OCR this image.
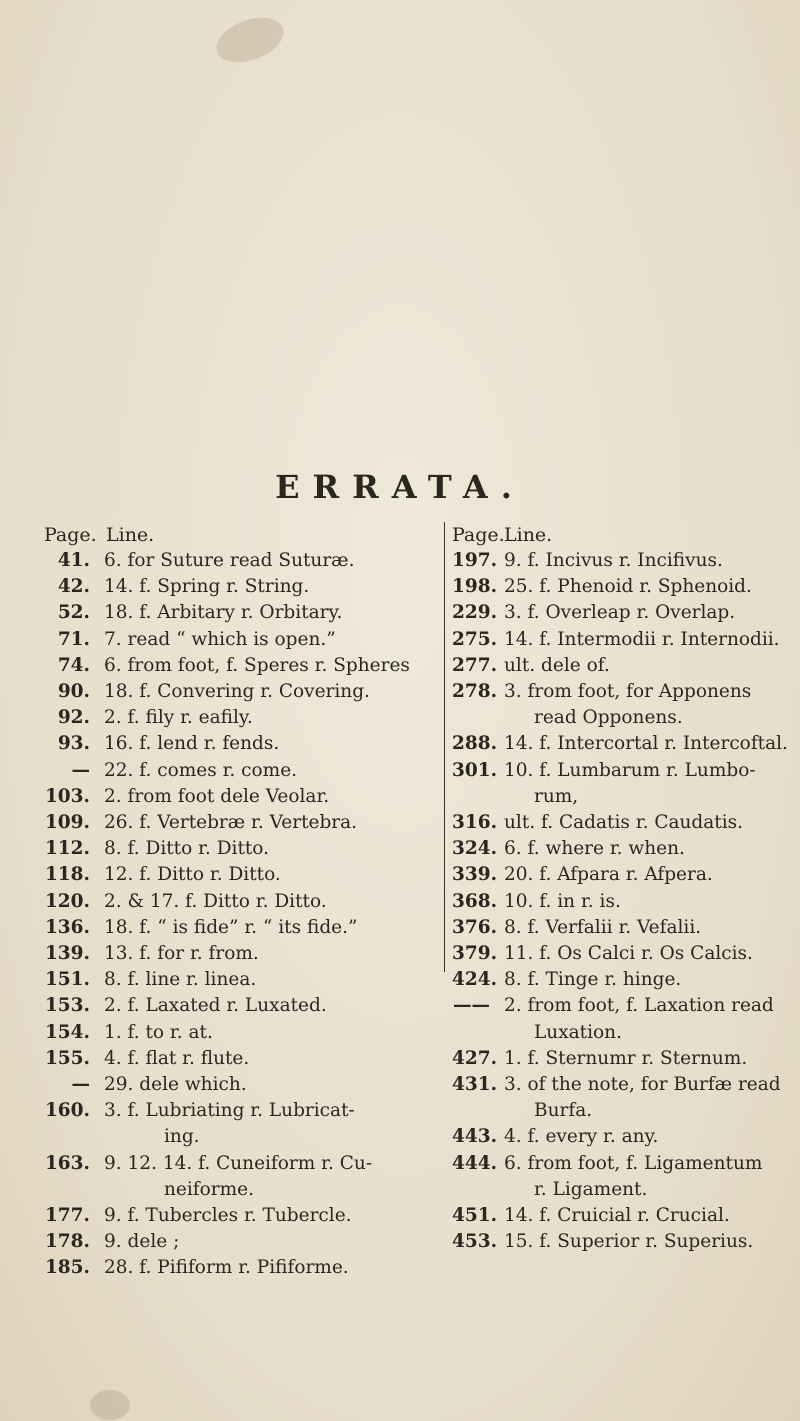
ERRATA.
Page. Line.
41. 6. for Suture read Suturæ.
42. 14. f. Spring r. String.
52. 18. f. Arbitary r. Orbitary.
71. 7. read “ which is open.”
74. 6. from foot, f. Speres r. Spheres
90. 18. f. Convering r. Covering.
92. 2. f. fily r. eafily.
93. 16. f. lend r. fends.
— 22. f. comes r. come.
103. 2. from foot dele Veolar.
109. 26. f. Vertebræ r. Vertebra.
112. 8. f. Ditto r. Ditto.
118. 12. f. Ditto r. Ditto.
120. 2. & 17. f. Ditto r. Ditto.
136. 18. f. “ is fide” r. “ its fide.”
139. 13. f. for r. from.
151. 8. f. line r. linea.
153. 2. f. Laxated r. Luxated.
154. 1. f. to r. at.
155. 4. f. flat r. flute.
— 29. dele which.
160. 3. f. Lubriating r. Lubricat-
ing.
163. 9. 12. 14. f. Cuneiform r. Cu-
neiforme.
177. 9. f. Tubercles r. Tubercle.
178. 9. dele ;
185. 28. f. Pifiform r. Pififorme.
Page. Line.
197. 9. f. Incivus r. Incifivus.
198. 25. f. Phenoid r. Sphenoid.
229. 3. f. Overleap r. Overlap.
275. 14. f. Intermodii r. Internodii.
277. ult. dele of.
278. 3. from foot, for Apponens
read Opponens.
288. 14. f. Intercortal r. Intercoftal.
301. 10. f. Lumbarum r. Lumbo-
rum,
316. ult. f. Cadatis r. Caudatis.
324. 6. f. where r. when.
339. 20. f. Afpara r. Afpera.
368. 10. f. in r. is.
376. 8. f. Verfalii r. Vefalii.
379. 11. f. Os Calci r. Os Calcis.
424. 8. f. Tinge r. hinge.
—— 2. from foot, f. Laxation read
Luxation.
427. 1. f. Sternumr r. Sternum.
431. 3. of the note, for Burfæ read
Burfa.
443. 4. f. every r. any.
444. 6. from foot, f. Ligamentum
r. Ligament.
451. 14. f. Cruicial r. Crucial.
453. 15. f. Superior r. Superius.
